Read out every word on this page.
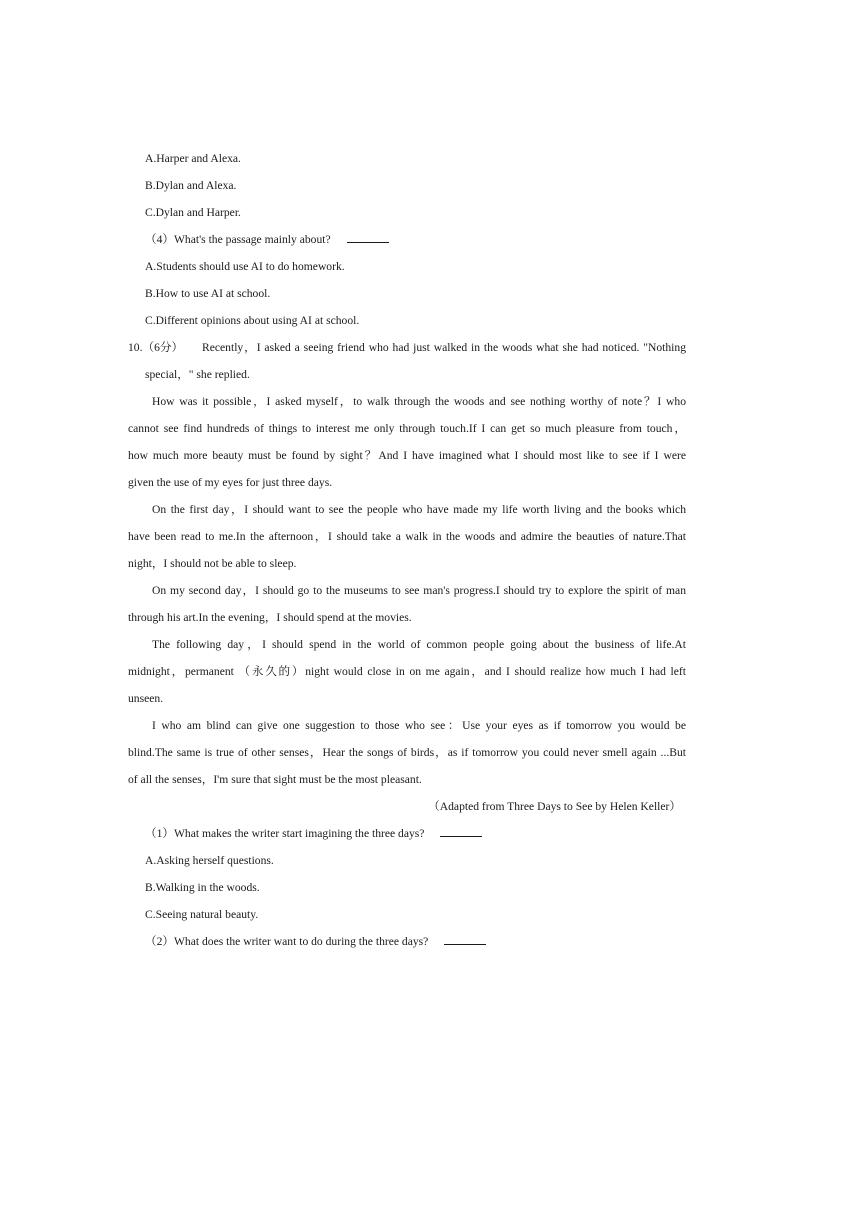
A.Harper and Alexa.
B.Dylan and Alexa.
C.Dylan and Harper.
（4）What's the passage mainly about?
A.Students should use AI to do homework.
B.How to use AI at school.
C.Different opinions about using AI at school.
10.（6分） Recently，I asked a seeing friend who had just walked in the woods what she had noticed. "Nothing
special，" she replied.
How was it possible，I asked myself，to walk through the woods and see nothing worthy of note？I who
cannot see find hundreds of things to interest me only through touch.If I can get so much pleasure from touch，
how much more beauty must be found by sight？And I have imagined what I should most like to see if I were
given the use of my eyes for just three days.
On the first day，I should want to see the people who have made my life worth living and the books which
have been read to me.In the afternoon，I should take a walk in the woods and admire the beauties of nature.That
night，I should not be able to sleep.
On my second day，I should go to the museums to see man's progress.I should try to explore the spirit of man
through his art.In the evening，I should spend at the movies.
The following day，I should spend in the world of common people going about the business of life.At
midnight，permanent （永久的）night would close in on me again，and I should realize how much I had left
unseen.
I who am blind can give one suggestion to those who see：Use your eyes as if tomorrow you would be
blind.The same is true of other senses，Hear the songs of birds，as if tomorrow you could never smell again ...But
of all the senses，I'm sure that sight must be the most pleasant.
（Adapted from Three Days to See by Helen Keller）
（1）What makes the writer start imagining the three days?
A.Asking herself questions.
B.Walking in the woods.
C.Seeing natural beauty.
（2）What does the writer want to do during the three days?
